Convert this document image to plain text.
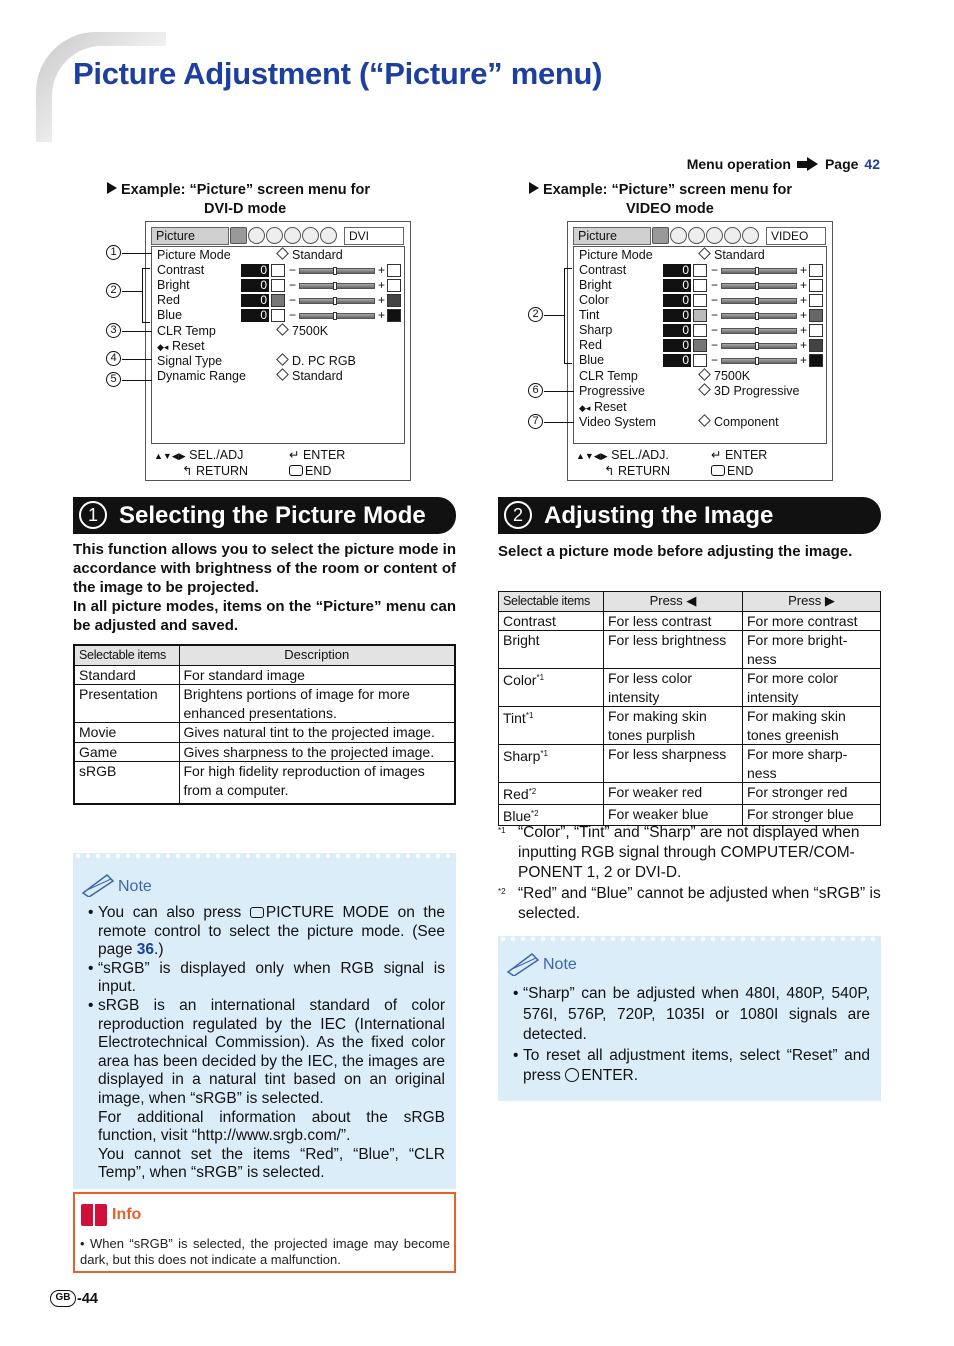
Picture Adjustment (“Picture” menu)
Menu operation Page 42
Example: “Picture” screen menu for
DVI-D mode
Picture	DVI
Picture Mode	Standard
Contrast	0 −	+
Bright	0 −	+
Red	0 −	+
Blue	0 −	+
CLR Temp	7500K
◆◂ Reset
Signal Type	D. PC RGB
Dynamic Range	Standard
▲▼◀▶ SEL./ADJ	↵ ENTER
↰ RETURN	END
1
2
3
4
5
Example: “Picture” screen menu for
VIDEO mode
Picture	VIDEO
Picture Mode	Standard
Contrast	0 −	+
Bright	0 −	+
Color	0 −	+
Tint	0 −	+
Sharp	0 −	+
Red	0 −	+
Blue	0 −	+
CLR Temp	7500K
Progressive	3D Progressive
◆◂ Reset
Video System	Component
▲▼◀▶ SEL./ADJ.	↵ ENTER
↰ RETURN	END
2
6
7
1 Selecting the Picture Mode
This function allows you to select the picture mode in accordance with brightness of the room or content of the image to be projected.
In all picture modes, items on the “Picture” menu can be adjusted and saved.
Selectable items	Description
Standard	For standard image
Presentation	Brightens portions of image for more enhanced presentations.
Movie	Gives natural tint to the projected image.
Game	Gives sharpness to the projected image.
sRGB	For high fidelity reproduction of images from a computer.
Note
• You can also press PICTURE MODE on the remote control to select the picture mode. (See page 36.)
• “sRGB” is displayed only when RGB signal is input.
• sRGB is an international standard of color reproduction regulated by the IEC (International Electrotechnical Commission). As the fixed color area has been decided by the IEC, the images are displayed in a natural tint based on an original image, when “sRGB” is selected.
For additional information about the sRGB function, visit “http://www.srgb.com/”.
You cannot set the items “Red”, “Blue”, “CLR Temp”, when “sRGB” is selected.
Info
• When “sRGB” is selected, the projected image may become dark, but this does not indicate a malfunction.
2 Adjusting the Image
Select a picture mode before adjusting the image.
Selectable items	Press ◀	Press ▶
Contrast	For less contrast	For more contrast
Bright	For less brightness	For more bright-ness
Color$^{*1}$	For less color intensity	For more color intensity
Tint$^{*1}$	For making skin tones purplish	For making skin tones greenish
Sharp$^{*1}$	For less sharpness	For more sharp-ness
Red$^{*2}$	For weaker red	For stronger red
Blue$^{*2}$	For weaker blue	For stronger blue
*1 “Color”, “Tint” and “Sharp” are not displayed when inputting RGB signal through COMPUTER/COM-PONENT 1, 2 or DVI-D.
*2 “Red” and “Blue” cannot be adjusted when “sRGB” is selected.
Note
• “Sharp” can be adjusted when 480I, 480P, 540P, 576I, 576P, 720P, 1035I or 1080I signals are detected.
• To reset all adjustment items, select “Reset” and press ENTER.
GB -44
